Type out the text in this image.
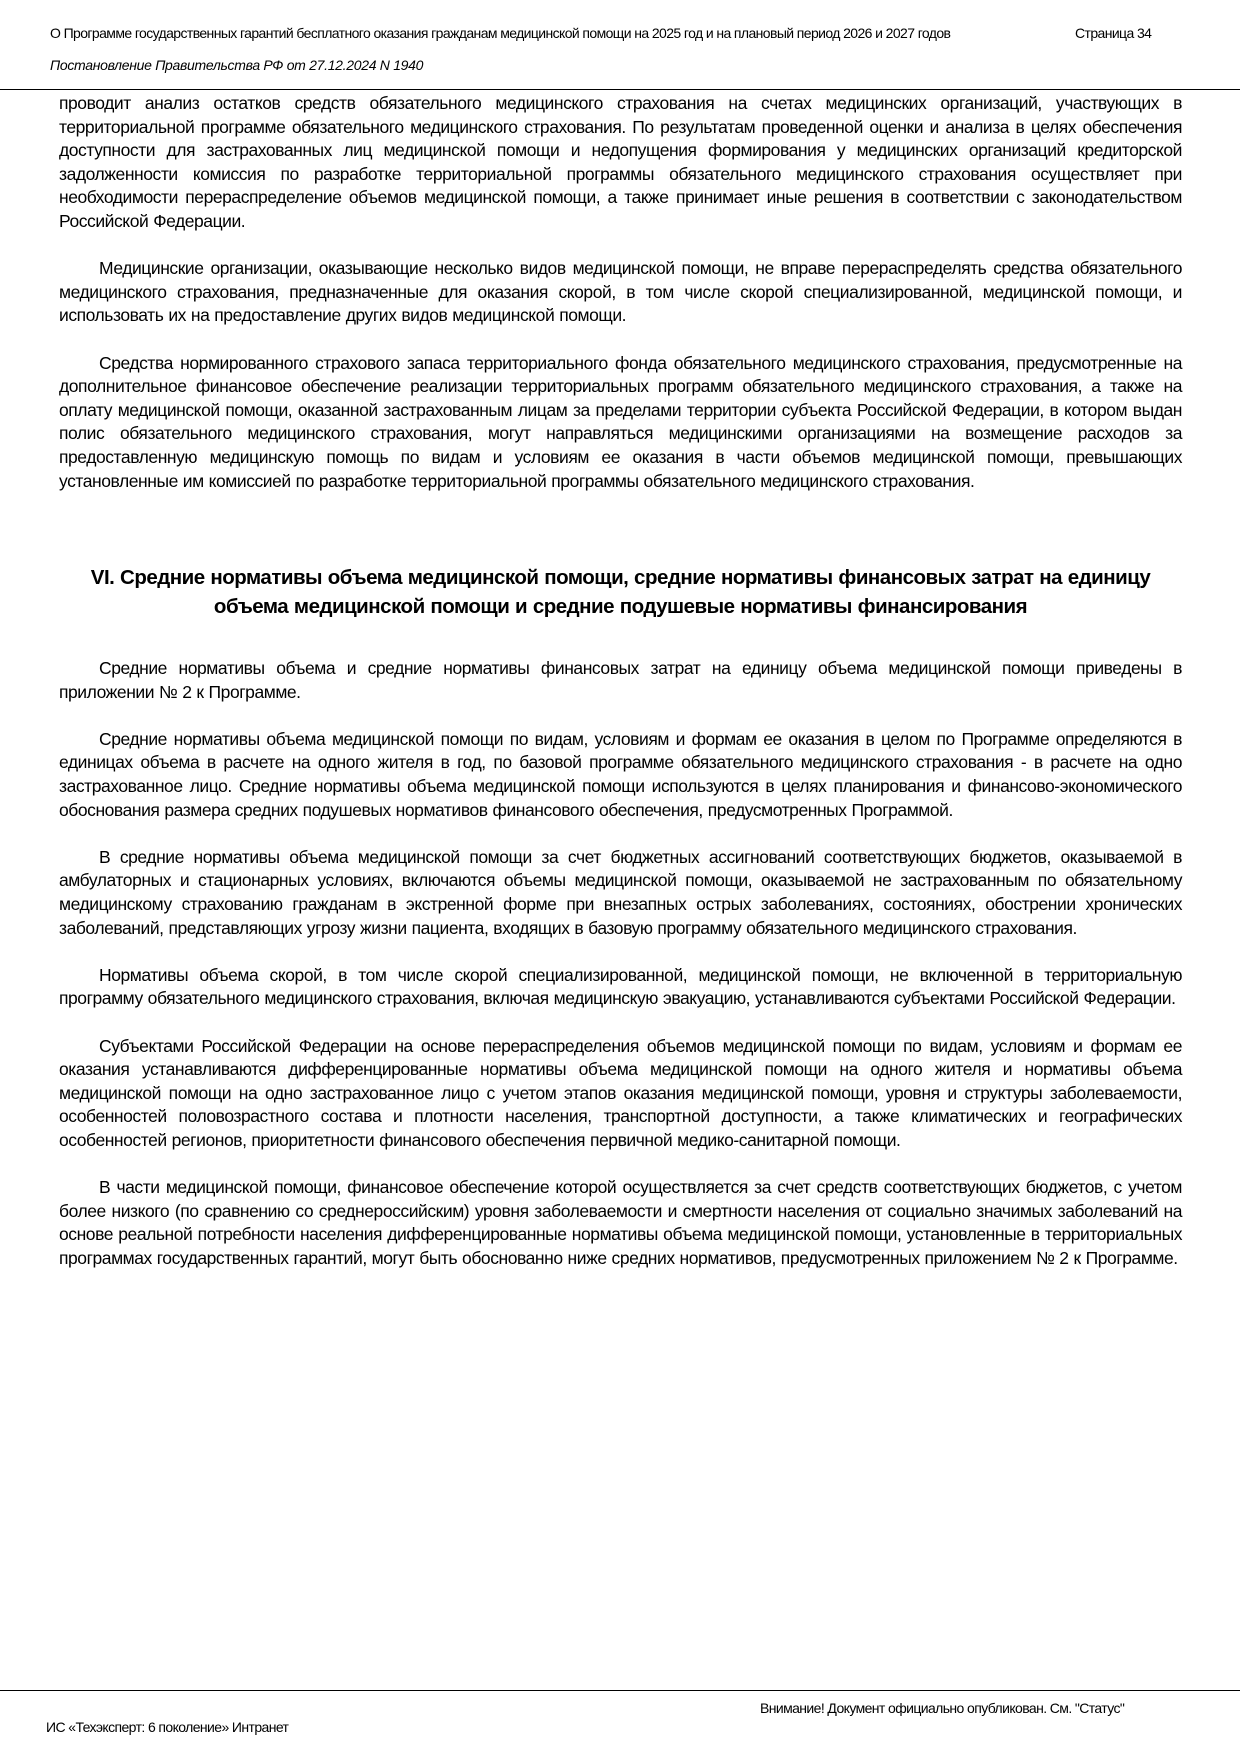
О Программе государственных гарантий бесплатного оказания гражданам медицинской помощи на 2025 год и на плановый период 2026 и 2027 годов
Постановление Правительства РФ от 27.12.2024 N 1940
Страница 34

проводит анализ остатков средств обязательного медицинского страхования на счетах медицинских организаций, участвующих в территориальной программе обязательного медицинского страхования. По результатам проведенной оценки и анализа в целях обеспечения доступности для застрахованных лиц медицинской помощи и недопущения формирования у медицинских организаций кредиторской задолженности комиссия по разработке территориальной программы обязательного медицинского страхования осуществляет при необходимости перераспределение объемов медицинской помощи, а также принимает иные решения в соответствии с законодательством Российской Федерации.

Медицинские организации, оказывающие несколько видов медицинской помощи, не вправе перераспределять средства обязательного медицинского страхования, предназначенные для оказания скорой, в том числе скорой специализированной, медицинской помощи, и использовать их на предоставление других видов медицинской помощи.

Средства нормированного страхового запаса территориального фонда обязательного медицинского страхования, предусмотренные на дополнительное финансовое обеспечение реализации территориальных программ обязательного медицинского страхования, а также на оплату медицинской помощи, оказанной застрахованным лицам за пределами территории субъекта Российской Федерации, в котором выдан полис обязательного медицинского страхования, могут направляться медицинскими организациями на возмещение расходов за предоставленную медицинскую помощь по видам и условиям ее оказания в части объемов медицинской помощи, превышающих установленные им комиссией по разработке территориальной программы обязательного медицинского страхования.

VI. Средние нормативы объема медицинской помощи, средние нормативы финансовых затрат на единицу объема медицинской помощи и средние подушевые нормативы финансирования

Средние нормативы объема и средние нормативы финансовых затрат на единицу объема медицинской помощи приведены в приложении № 2 к Программе.

Средние нормативы объема медицинской помощи по видам, условиям и формам ее оказания в целом по Программе определяются в единицах объема в расчете на одного жителя в год, по базовой программе обязательного медицинского страхования - в расчете на одно застрахованное лицо. Средние нормативы объема медицинской помощи используются в целях планирования и финансово-экономического обоснования размера средних подушевых нормативов финансового обеспечения, предусмотренных Программой.

В средние нормативы объема медицинской помощи за счет бюджетных ассигнований соответствующих бюджетов, оказываемой в амбулаторных и стационарных условиях, включаются объемы медицинской помощи, оказываемой не застрахованным по обязательному медицинскому страхованию гражданам в экстренной форме при внезапных острых заболеваниях, состояниях, обострении хронических заболеваний, представляющих угрозу жизни пациента, входящих в базовую программу обязательного медицинского страхования.

Нормативы объема скорой, в том числе скорой специализированной, медицинской помощи, не включенной в территориальную программу обязательного медицинского страхования, включая медицинскую эвакуацию, устанавливаются субъектами Российской Федерации.

Субъектами Российской Федерации на основе перераспределения объемов медицинской помощи по видам, условиям и формам ее оказания устанавливаются дифференцированные нормативы объема медицинской помощи на одного жителя и нормативы объема медицинской помощи на одно застрахованное лицо с учетом этапов оказания медицинской помощи, уровня и структуры заболеваемости, особенностей половозрастного состава и плотности населения, транспортной доступности, а также климатических и географических особенностей регионов, приоритетности финансового обеспечения первичной медико-санитарной помощи.

В части медицинской помощи, финансовое обеспечение которой осуществляется за счет средств соответствующих бюджетов, с учетом более низкого (по сравнению со среднероссийским) уровня заболеваемости и смертности населения от социально значимых заболеваний на основе реальной потребности населения дифференцированные нормативы объема медицинской помощи, установленные в территориальных программах государственных гарантий, могут быть обоснованно ниже средних нормативов, предусмотренных приложением № 2 к Программе.

Внимание! Документ официально опубликован. См. "Статус"
ИС «Техэксперт: 6 поколение» Интранет
